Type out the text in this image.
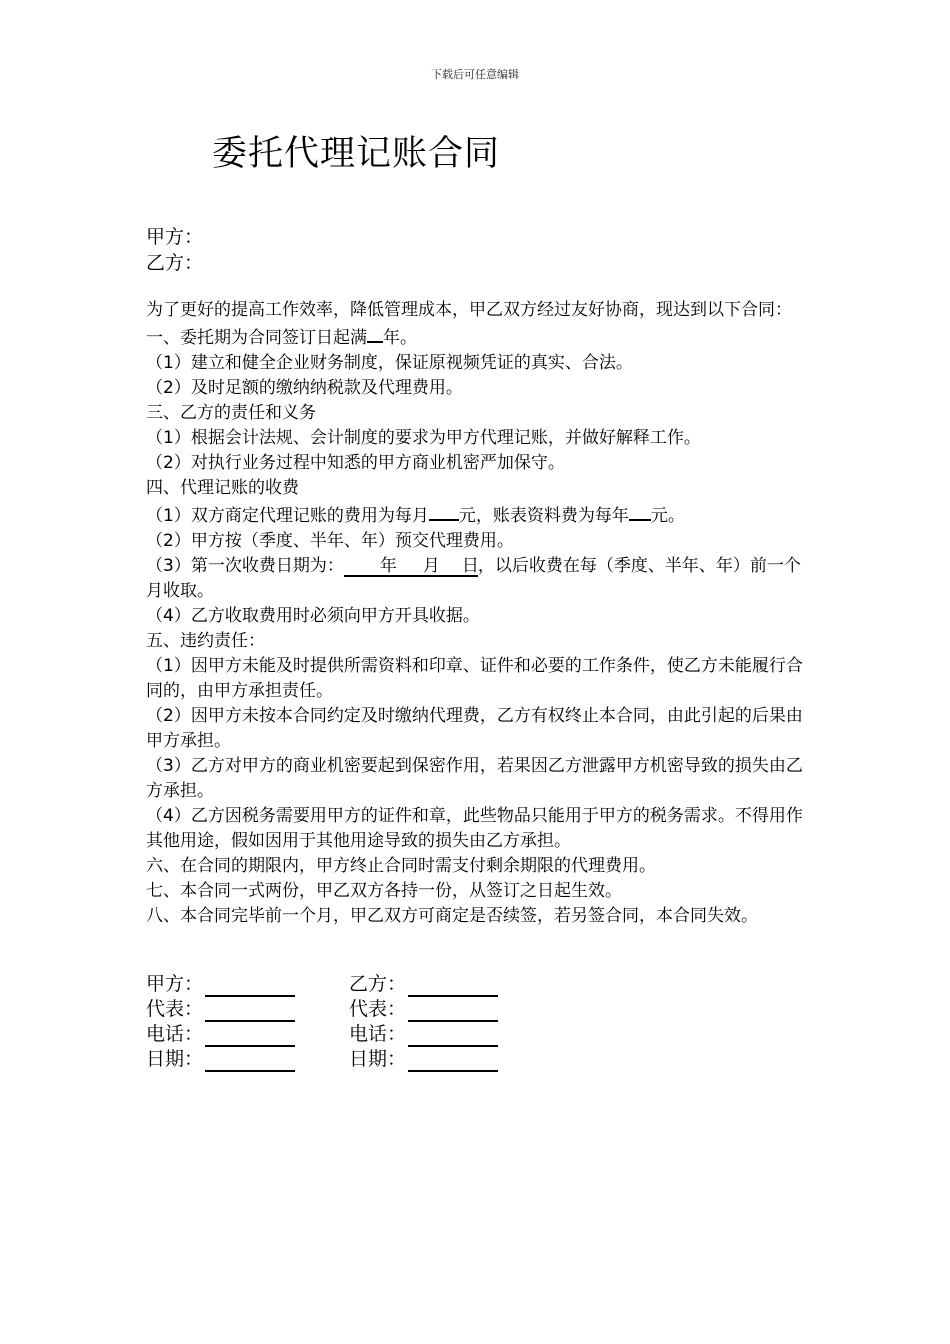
下载后可任意编辑
委托代理记账合同
甲方：
乙方：

为了更好的提高工作效率，降低管理成本，甲乙双方经过友好协商，现达到以下合同：

一、委托期为合同签订日起满 年。

（1）建立和健全企业财务制度，保证原视频凭证的真实、合法。

（2）及时足额的缴纳纳税款及代理费用。

三、乙方的责任和义务

（1）根据会计法规、会计制度的要求为甲方代理记账，并做好解释工作。

（2）对执行业务过程中知悉的甲方商业机密严加保守。

四、代理记账的收费

（1）双方商定代理记账的费用为每月 元，账表资料费为每年 元。

（2）甲方按（季度、半年、年）预交代理费用。

（3）第一次收费日期为： 年 月 日，以后收费在每（季度、半年、年）前一个月收取。

（4）乙方收取费用时必须向甲方开具收据。

五、违约责任：

（1）因甲方未能及时提供所需资料和印章、证件和必要的工作条件，使乙方未能履行合同的，由甲方承担责任。

（2）因甲方未按本合同约定及时缴纳代理费，乙方有权终止本合同，由此引起的后果由甲方承担。

（3）乙方对甲方的商业机密要起到保密作用，若果因乙方泄露甲方机密导致的损失由乙方承担。

（4）乙方因税务需要用甲方的证件和章，此些物品只能用于甲方的税务需求。不得用作其他用途，假如因用于其他用途导致的损失由乙方承担。

六、在合同的期限内，甲方终止合同时需支付剩余期限的代理费用。

七、本合同一式两份，甲乙双方各持一份，从签订之日起生效。

八、本合同完毕前一个月，甲乙双方可商定是否续签，若另签合同，本合同失效。

甲方：	乙方：
代表：	代表：
电话：	电话：
日期：	日期：
